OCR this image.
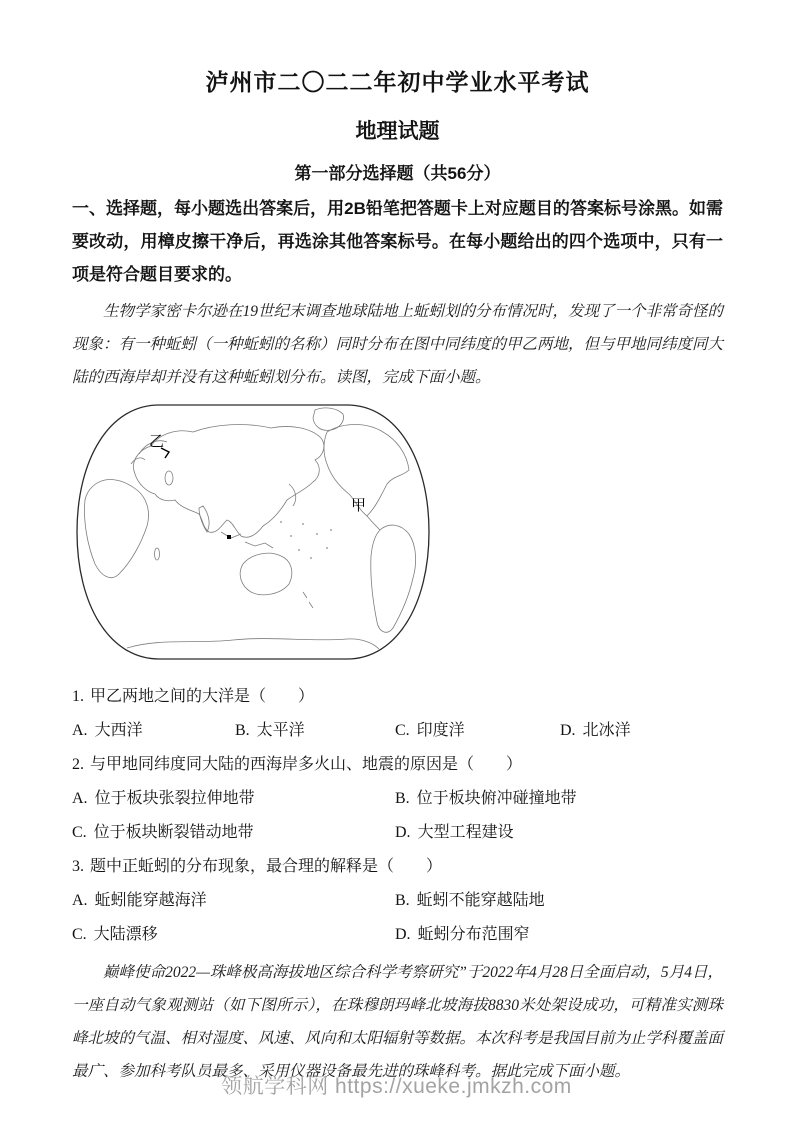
泸州市二〇二二年初中学业水平考试
地理试题
第一部分选择题（共56分）

一、选择题，每小题选出答案后，用2B铅笔把答题卡上对应题目的答案标号涂黑。如需要改动，用樟皮擦干净后，再选涂其他答案标号。在每小题给出的四个选项中，只有一项是符合题目要求的。

生物学家密卡尔逊在19世纪末调查地球陆地上蚯蚓划的分布情况时，发现了一个非常奇怪的现象：有一种蚯蚓（一种蚯蚓的名称）同时分布在图中同纬度的甲乙两地，但与甲地同纬度同大陆的西海岸却并没有这种蚯蚓划分布。读图，完成下面小题。

乙
甲
1. 甲乙两地之间的大洋是（　　）
A. 大西洋	B. 太平洋	C. 印度洋	D. 北冰洋
2. 与甲地同纬度同大陆的西海岸多火山、地震的原因是（　　）
A. 位于板块张裂拉伸地带	B. 位于板块俯冲碰撞地带
C. 位于板块断裂错动地带	D. 大型工程建设
3. 题中正蚯蚓的分布现象，最合理的解释是（　　）
A. 蚯蚓能穿越海洋	B. 蚯蚓不能穿越陆地
C. 大陆漂移	D. 蚯蚓分布范围窄

巅峰使命2022—珠峰极高海拔地区综合科学考察研究”于2022年4月28日全面启动，5月4日，一座自动气象观测站（如下图所示），在珠穆朗玛峰北坡海拔8830米处架设成功，可精准实测珠峰北坡的气温、相对湿度、风速、风向和太阳辐射等数据。本次科考是我国目前为止学科覆盖面最广、参加科考队员最多、采用仪器设备最先进的珠峰科考。据此完成下面小题。

领航学科网 https://xueke.jmkzh.com
